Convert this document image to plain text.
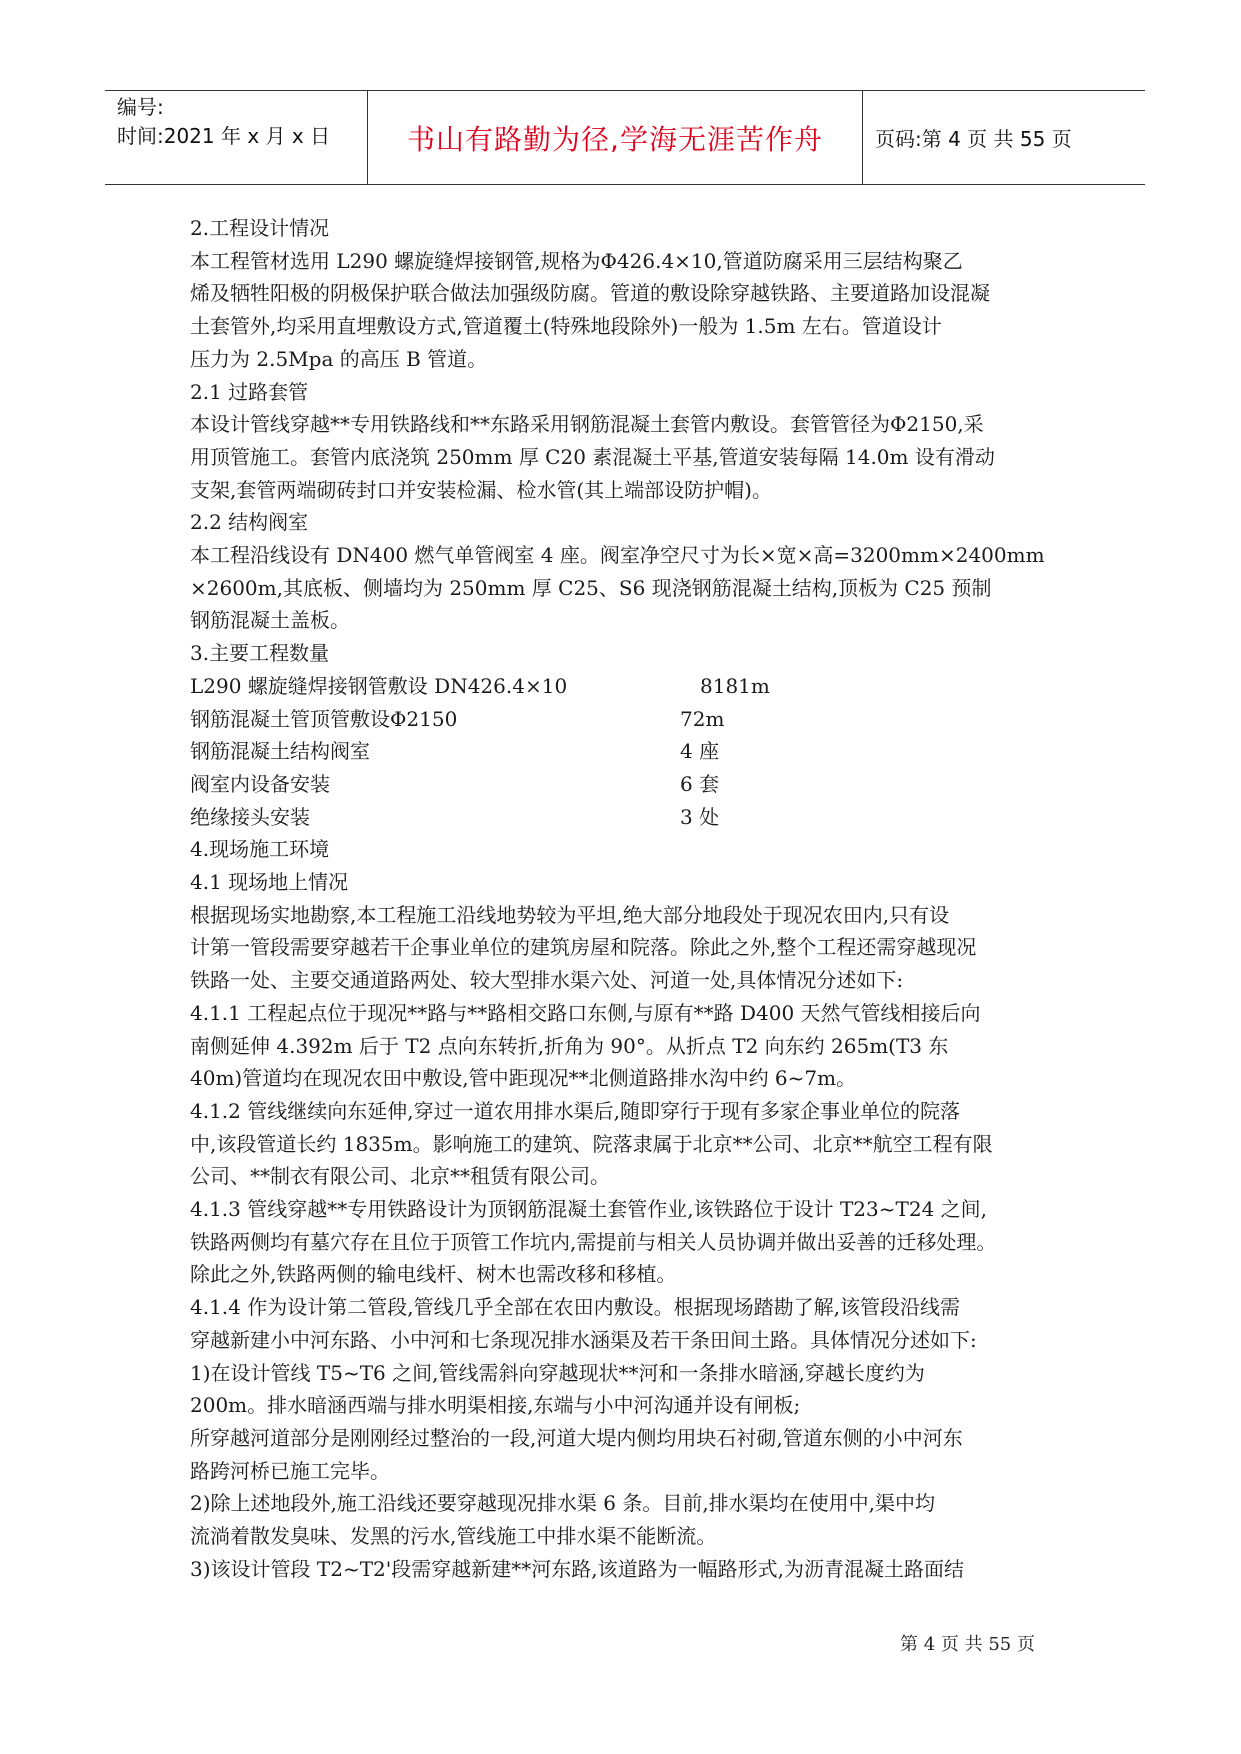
编号:
时间:2021 年 x 月 x 日	书山有路勤为径,学海无涯苦作舟	页码:第 4 页 共 55 页

2.工程设计情况

本工程管材选用 L290 螺旋缝焊接钢管,规格为Φ426.4×10,管道防腐采用三层结构聚乙

烯及牺牲阳极的阴极保护联合做法加强级防腐。管道的敷设除穿越铁路、主要道路加设混凝

土套管外,均采用直埋敷设方式,管道覆土(特殊地段除外)一般为 1.5m 左右。管道设计

压力为 2.5Mpa 的高压 B 管道。

2.1 过路套管

本设计管线穿越**专用铁路线和**东路采用钢筋混凝土套管内敷设。套管管径为Φ2150,采

用顶管施工。套管内底浇筑 250mm 厚 C20 素混凝土平基,管道安装每隔 14.0m 设有滑动

支架,套管两端砌砖封口并安装检漏、检水管(其上端部设防护帽)。

2.2 结构阀室

本工程沿线设有 DN400 燃气单管阀室 4 座。阀室净空尺寸为长×宽×高=3200mm×2400mm

×2600m,其底板、侧墙均为 250mm 厚 C25、S6 现浇钢筋混凝土结构,顶板为 C25 预制

钢筋混凝土盖板。

3.主要工程数量

L290 螺旋缝焊接钢管敷设 DN426.4×10	8181m
钢筋混凝土管顶管敷设Φ2150	72m
钢筋混凝土结构阀室	4 座
阀室内设备安装	6 套
绝缘接头安装	3 处

4.现场施工环境

4.1 现场地上情况

根据现场实地勘察,本工程施工沿线地势较为平坦,绝大部分地段处于现况农田内,只有设

计第一管段需要穿越若干企事业单位的建筑房屋和院落。除此之外,整个工程还需穿越现况

铁路一处、主要交通道路两处、较大型排水渠六处、河道一处,具体情况分述如下:

4.1.1 工程起点位于现况**路与**路相交路口东侧,与原有**路 D400 天然气管线相接后向

南侧延伸 4.392m 后于 T2 点向东转折,折角为 90°。从折点 T2 向东约 265m(T3 东

40m)管道均在现况农田中敷设,管中距现况**北侧道路排水沟中约 6~7m。

4.1.2 管线继续向东延伸,穿过一道农用排水渠后,随即穿行于现有多家企事业单位的院落

中,该段管道长约 1835m。影响施工的建筑、院落隶属于北京**公司、北京**航空工程有限

公司、**制衣有限公司、北京**租赁有限公司。

4.1.3 管线穿越**专用铁路设计为顶钢筋混凝土套管作业,该铁路位于设计 T23~T24 之间,

铁路两侧均有墓穴存在且位于顶管工作坑内,需提前与相关人员协调并做出妥善的迁移处理。

除此之外,铁路两侧的输电线杆、树木也需改移和移植。

4.1.4 作为设计第二管段,管线几乎全部在农田内敷设。根据现场踏勘了解,该管段沿线需

穿越新建小中河东路、小中河和七条现况排水涵渠及若干条田间土路。具体情况分述如下:

1)在设计管线 T5~T6 之间,管线需斜向穿越现状**河和一条排水暗涵,穿越长度约为

200m。排水暗涵西端与排水明渠相接,东端与小中河沟通并设有闸板;

所穿越河道部分是刚刚经过整治的一段,河道大堤内侧均用块石衬砌,管道东侧的小中河东

路跨河桥已施工完毕。

2)除上述地段外,施工沿线还要穿越现况排水渠 6 条。目前,排水渠均在使用中,渠中均

流淌着散发臭味、发黑的污水,管线施工中排水渠不能断流。

3)该设计管段 T2~T2'段需穿越新建**河东路,该道路为一幅路形式,为沥青混凝土路面结

第 4 页 共 55 页
